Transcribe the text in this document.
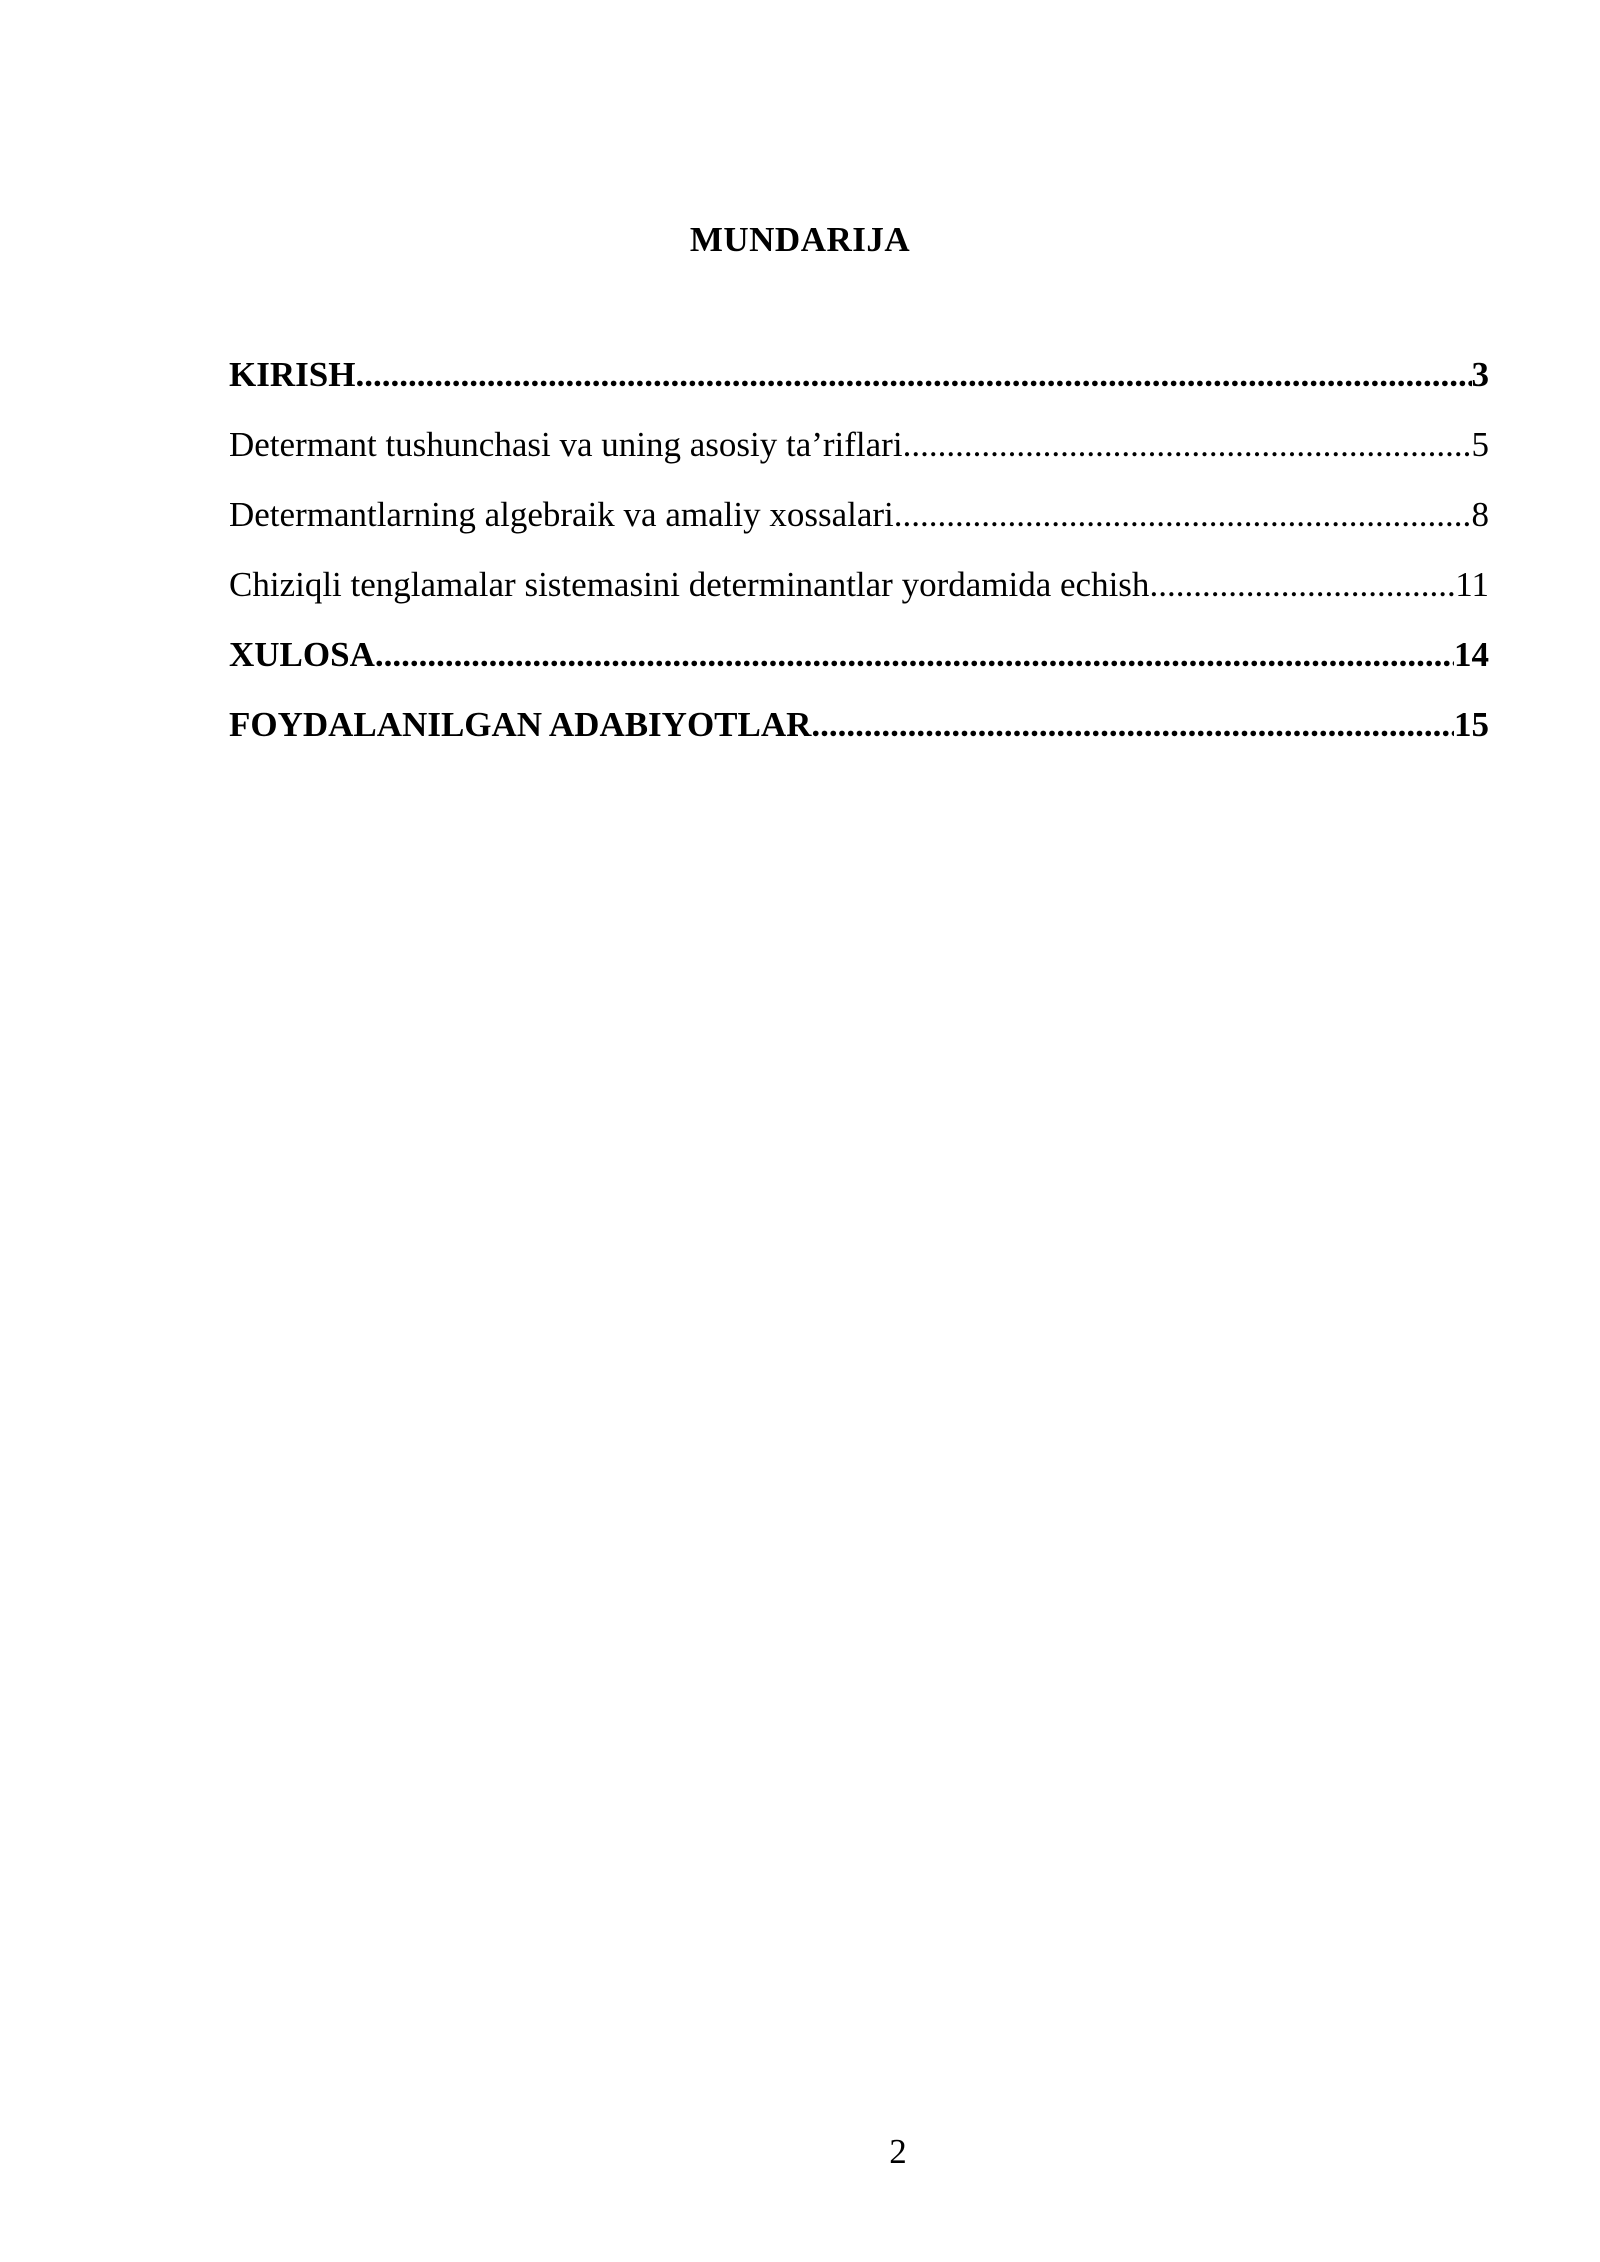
MUNDARIJA
KIRISH .....	3
Determant tushunchasi va uning asosiy ta’riflari .....	5
Determantlarning algebraik va amaliy xossalari .....	8
Chiziqli tenglamalar sistemasini determinantlar yordamida echish .....	11
XULOSA .....	14
FOYDALANILGAN ADABIYOTLAR .....	15
2
